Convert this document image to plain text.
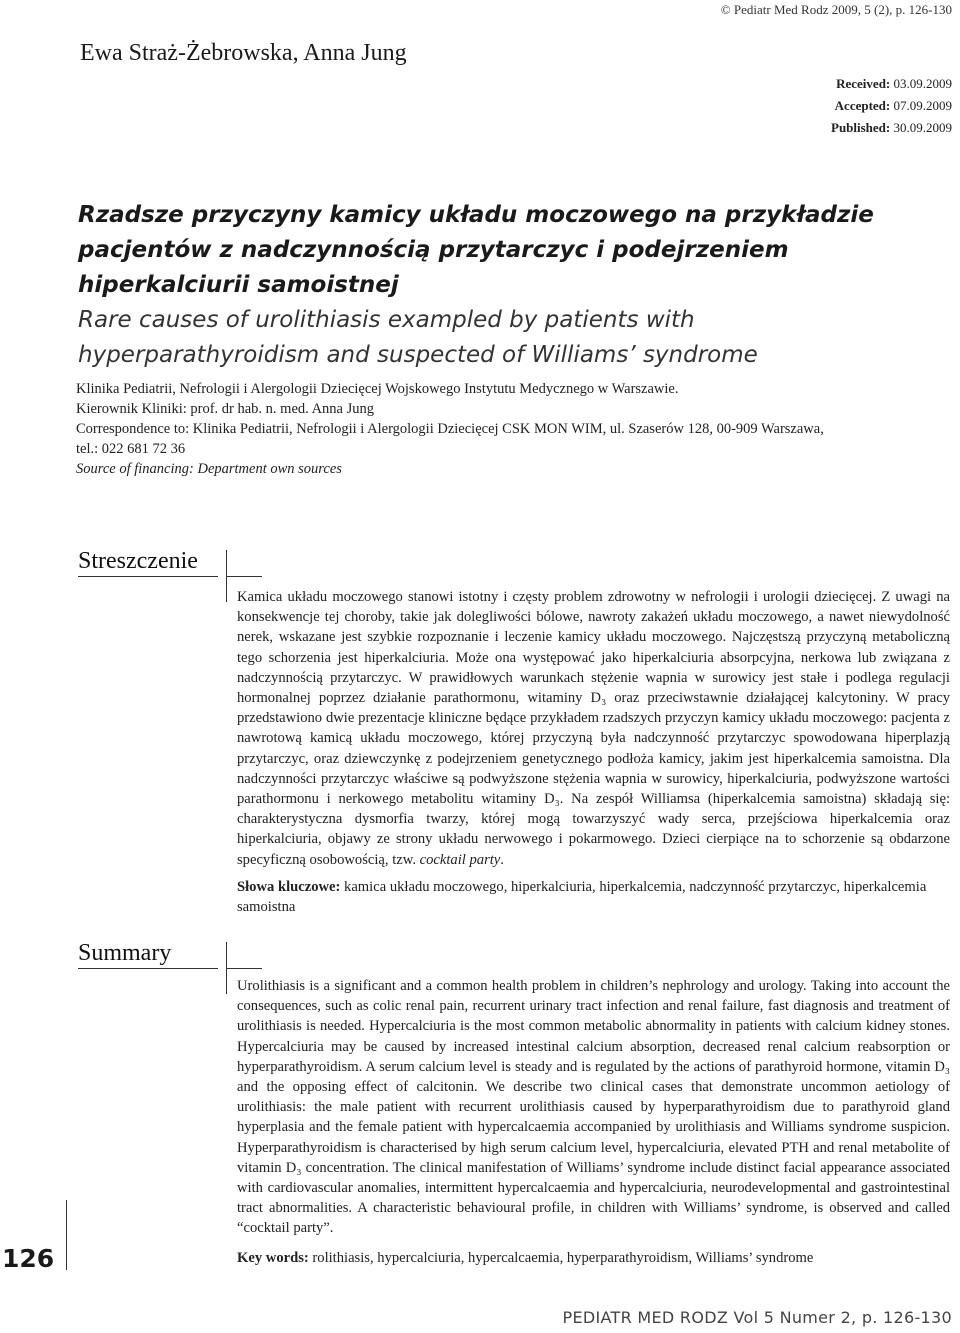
© Pediatr Med Rodz 2009, 5 (2), p. 126-130
Ewa Straż-Żebrowska, Anna Jung
Received: 03.09.2009
Accepted: 07.09.2009
Published: 30.09.2009
Rzadsze przyczyny kamicy układu moczowego na przykładzie
pacjentów z nadczynnością przytarczyc i podejrzeniem
hiperkalciurii samoistnej
Rare causes of urolithiasis exampled by patients with
hyperparathyroidism and suspected of Williams’ syndrome

Klinika Pediatrii, Nefrologii i Alergologii Dziecięcej Wojskowego Instytutu Medycznego w Warszawie.

Kierownik Kliniki: prof. dr hab. n. med. Anna Jung

Correspondence to: Klinika Pediatrii, Nefrologii i Alergologii Dziecięcej CSK MON WIM, ul. Szaserów 128, 00-909 Warszawa,

tel.: 022 681 72 36

Source of financing: Department own sources

Streszczenie

Kamica układu moczowego stanowi istotny i częsty problem zdrowotny w nefrologii i urologii dziecięcej. Z uwagi na konsekwencje tej choroby, takie jak dolegliwości bólowe, nawroty zakażeń układu moczowego, a nawet niewydolność nerek, wskazane jest szybkie rozpoznanie i leczenie kamicy układu moczowego. Najczęstszą przyczyną metaboliczną tego schorzenia jest hiperkalciuria. Może ona występować jako hiperkalciuria absorpcyjna, nerkowa lub związana z nadczynnością przytarczyc. W prawidłowych warunkach stężenie wapnia w surowicy jest stałe i podlega regulacji hormonalnej poprzez działanie parathormonu, witaminy D₃ oraz przeciwstawnie działającej kalcytoniny. W pracy przedstawiono dwie prezentacje kliniczne będące przykładem rzadszych przyczyn kamicy układu moczowego: pacjenta z nawrotową kamicą układu moczowego, której przyczyną była nadczynność przytarczyc spowodowana hiperplazją przytarczyc, oraz dziewczynkę z podejrzeniem genetycznego podłoża kamicy, jakim jest hiperkalcemia samoistna. Dla nadczynności przytarczyc właściwe są podwyższone stężenia wapnia w surowicy, hiperkalciuria, podwyższone wartości parathormonu i nerkowego metabolitu witaminy D₃. Na zespół Williamsa (hiperkalcemia samoistna) składają się: charakterystyczna dysmorfia twarzy, której mogą towarzyszyć wady serca, przejściowa hiperkalcemia oraz hiperkalciuria, objawy ze strony układu nerwowego i pokarmowego. Dzieci cierpiące na to schorzenie są obdarzone specyficzną osobowością, tzw. cocktail party.

Słowa kluczowe: kamica układu moczowego, hiperkalciuria, hiperkalcemia, nadczynność przytarczyc, hiperkalcemia samoistna
Summary

Urolithiasis is a significant and a common health problem in children’s nephrology and urology. Taking into account the consequences, such as colic renal pain, recurrent urinary tract infection and renal failure, fast diagnosis and treatment of urolithiasis is needed. Hypercalciuria is the most common metabolic abnormality in patients with calcium kidney stones. Hypercalciuria may be caused by increased intestinal calcium absorption, decreased renal calcium reabsorption or hyperparathyroidism. A serum calcium level is steady and is regulated by the actions of parathyroid hormone, vitamin D₃ and the opposing effect of calcitonin. We describe two clinical cases that demonstrate uncommon aetiology of urolithiasis: the male patient with recurrent urolithiasis caused by hyperparathyroidism due to parathyroid gland hyperplasia and the female patient with hypercalcaemia accompanied by urolithiasis and Williams syndrome suspicion. Hyperparathyroidism is characterised by high serum calcium level, hypercalciuria, elevated PTH and renal metabolite of vitamin D₃ concentration. The clinical manifestation of Williams’ syndrome include distinct facial appearance associated with cardiovascular anomalies, intermittent hypercalcaemia and hypercalciuria, neurodevelopmental and gastrointestinal tract abnormalities. A characteristic behavioural profile, in children with Williams’ syndrome, is observed and called “cocktail party”.

Key words: rolithiasis, hypercalciuria, hypercalcaemia, hyperparathyroidism, Williams’ syndrome
126
PEDIATR MED RODZ Vol 5 Numer 2, p. 126-130
